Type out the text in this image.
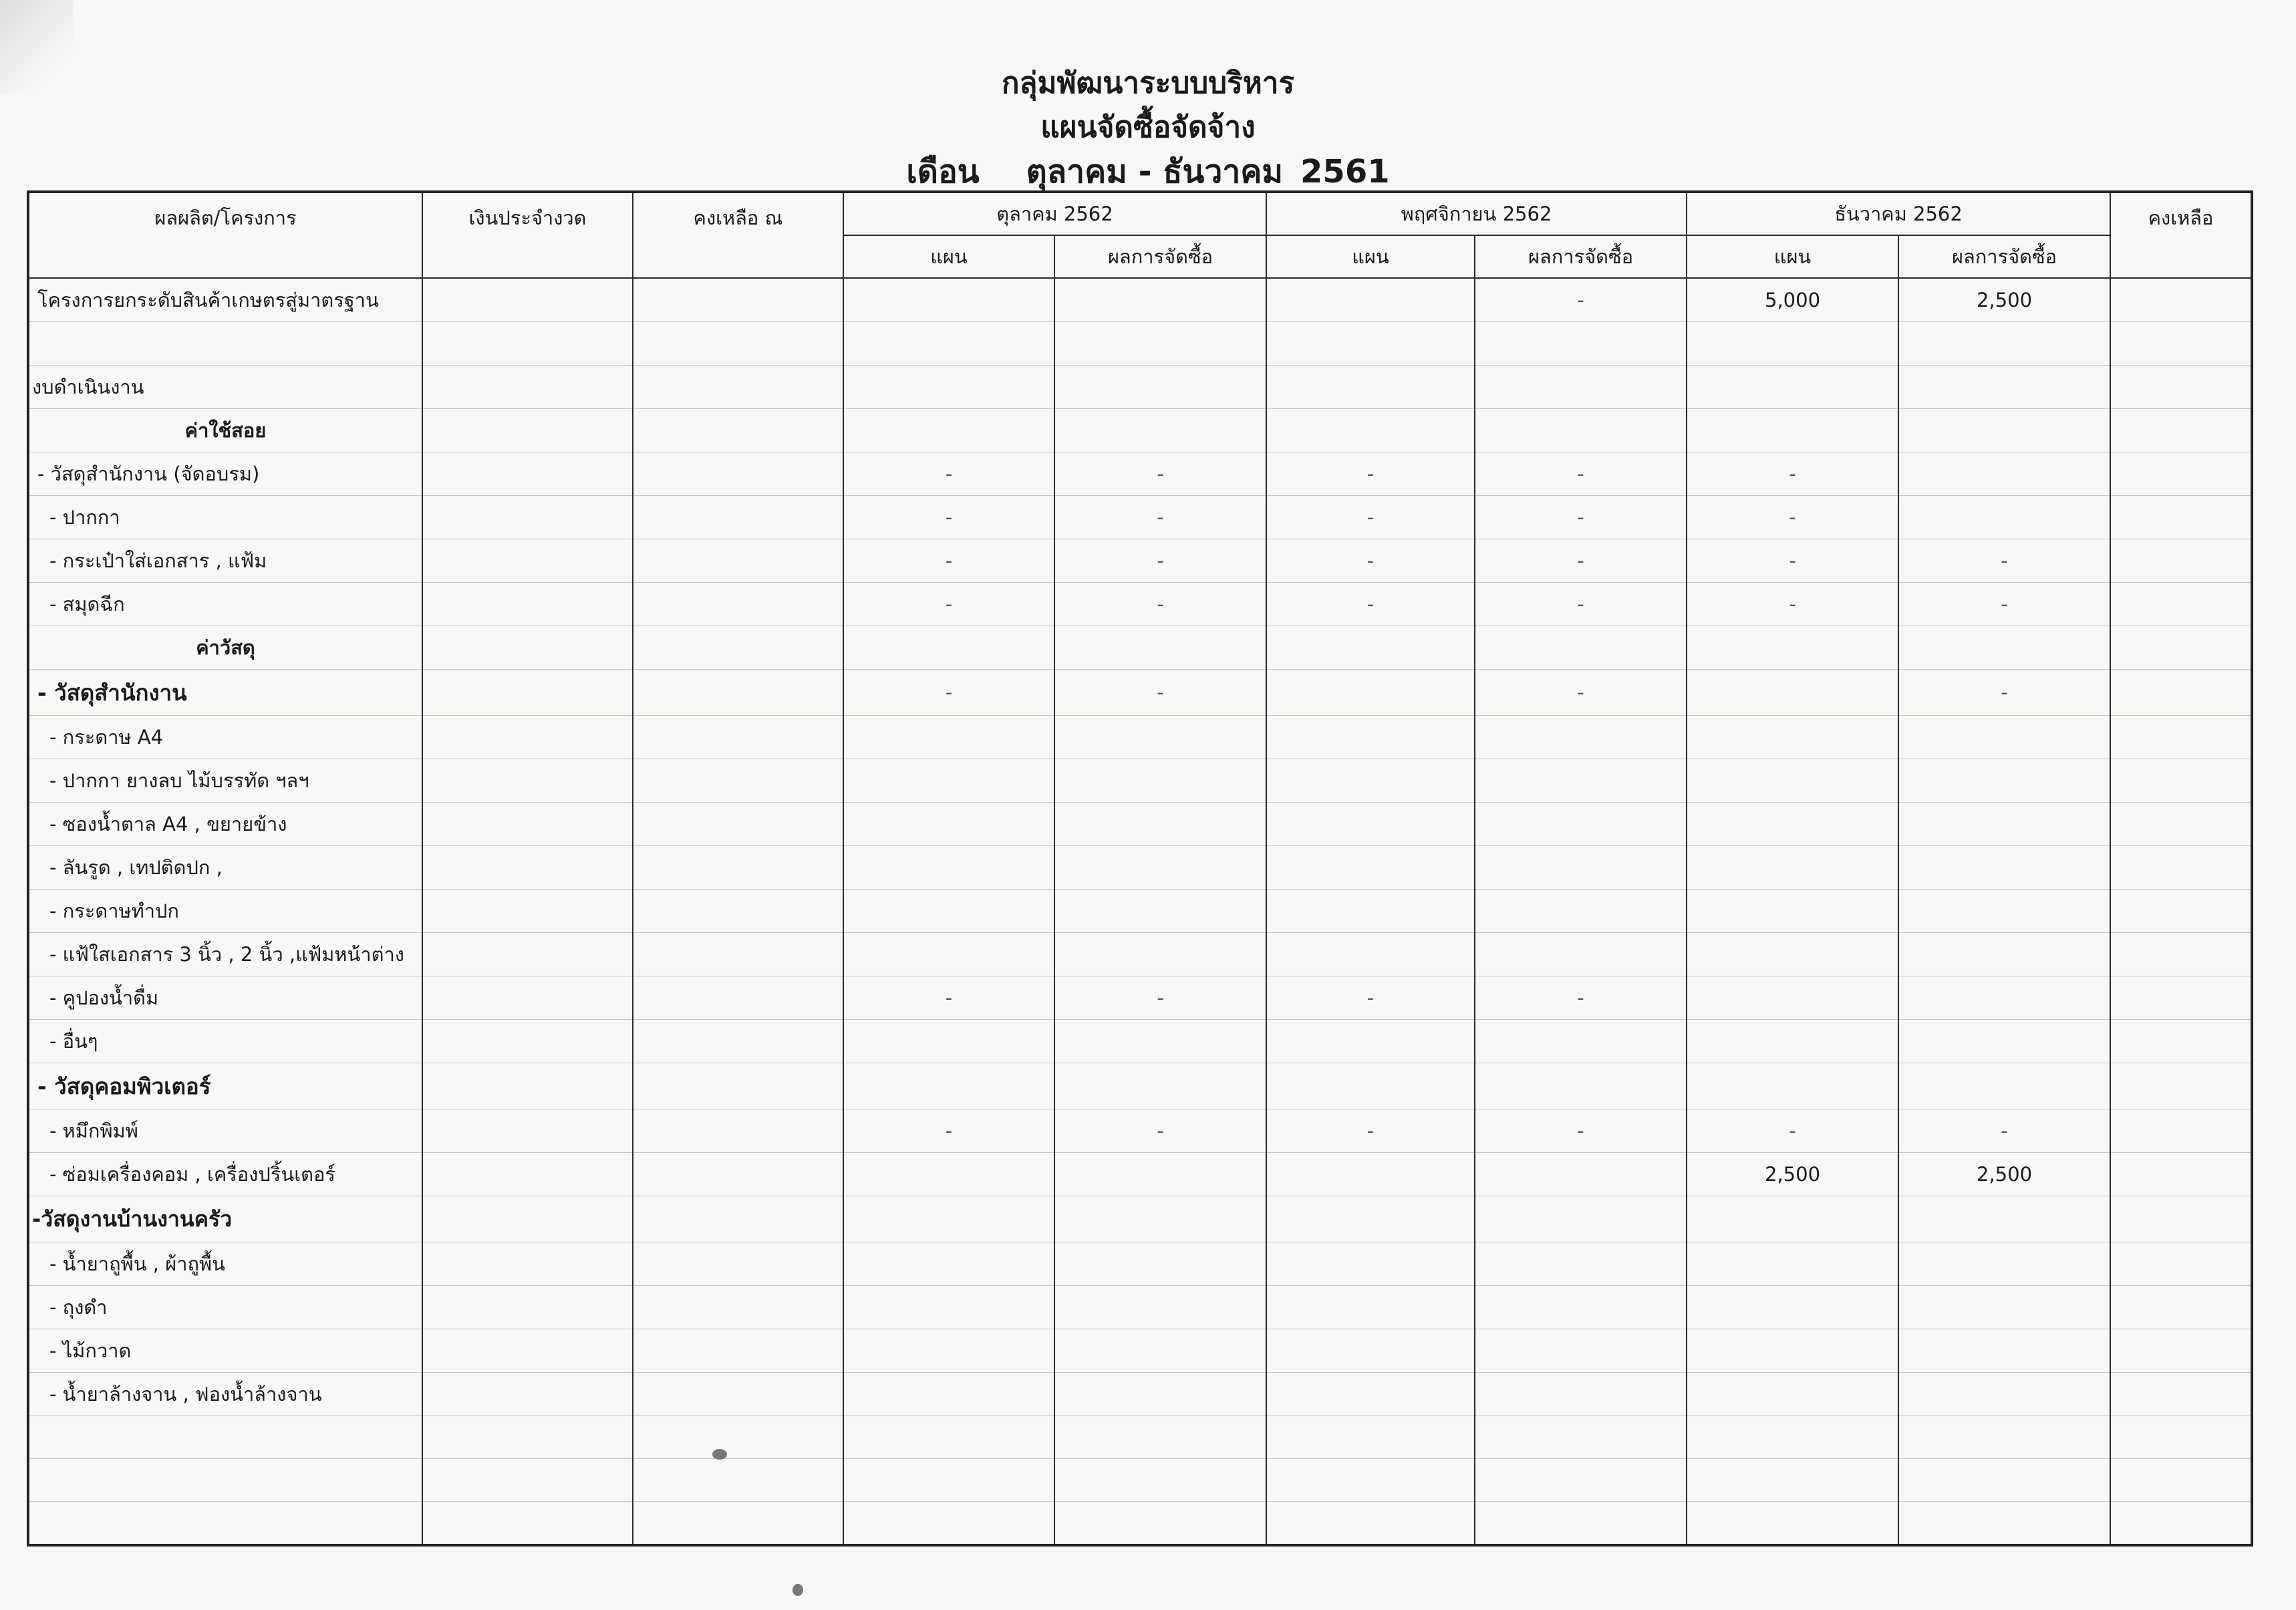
กลุ่มพัฒนาระบบบริหาร
แผนจัดซื้อจัดจ้าง
เดือน ตุลาคม - ธันวาคม 2561
ผลผลิต/โครงการ	เงินประจำงวด	คงเหลือ ณ	ตุลาคม 2562		พฤศจิกายน 2562		ธันวาคม 2562		คงเหลือ
			แผน	ผลการจัดซื้อ	แผน	ผลการจัดซื้อ	แผน	ผลการจัดซื้อ	
โครงการยกระดับสินค้าเกษตรสู่มาตรฐาน						-	5,000	2,500	

งบดำเนินงาน									
ค่าใช้สอย									
- วัสดุสำนักงาน (จัดอบรม)			-	-	-	-	-		
- ปากกา			-	-	-	-	-		
- กระเป๋าใส่เอกสาร , แฟ้ม			-	-	-	-	-	-	
- สมุดฉีก			-	-	-	-	-	-	
ค่าวัสดุ									
- วัสดุสำนักงาน			-	-		-		-	
- กระดาษ A4									
- ปากกา ยางลบ ไม้บรรทัด ฯลฯ									
- ซองน้ำตาล A4 , ขยายข้าง									
- ลันรูด , เทปติดปก ,									
- กระดาษทำปก									
- แฟ้ใสเอกสาร 3 นิ้ว , 2 นิ้ว ,แฟ้มหน้าต่าง									
- คูปองน้ำดื่ม			-	-	-	-			
- อื่นๆ									
- วัสดุคอมพิวเตอร์									
- หมึกพิมพ์			-	-	-	-	-	-	
- ซ่อมเครื่องคอม , เครื่องปริ้นเตอร์							2,500	2,500	
-วัสดุงานบ้านงานครัว									
- น้ำยาถูพื้น , ผ้าถูพื้น									
- ถุงดำ									
- ไม้กวาด									
- น้ำยาล้างจาน , ฟองน้ำล้างจาน									
